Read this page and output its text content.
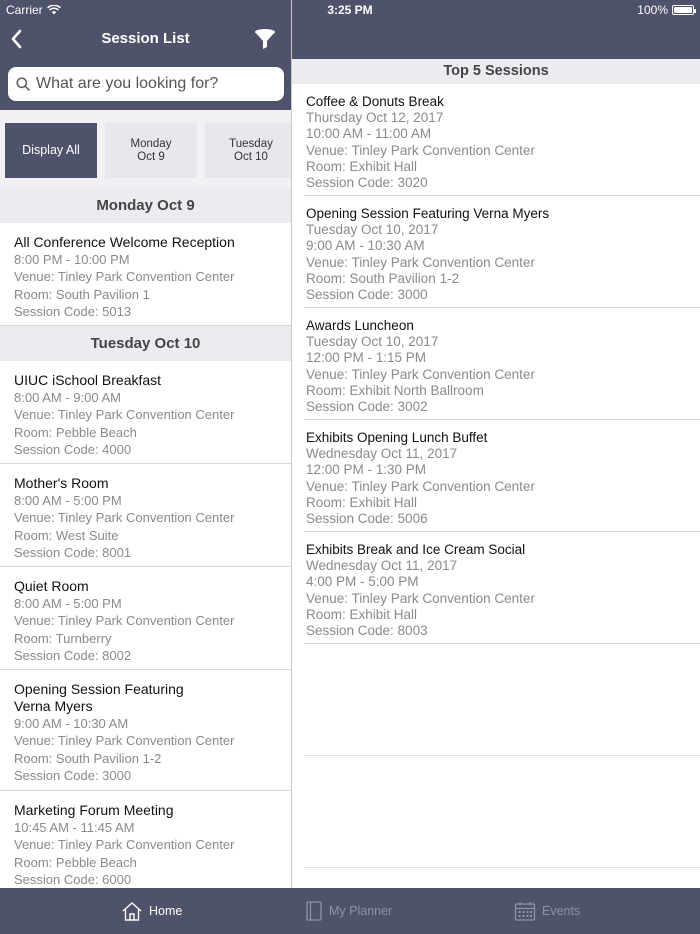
Carrier	3:25 PM	100%
Session List
What are you looking for?
Display All	Monday
Oct 9
Tuesday
Oct 10
Monday Oct 9
All Conference Welcome Reception
8:00 PM - 10:00 PM
Venue: Tinley Park Convention Center
Room: South Pavilion 1
Session Code: 5013
Tuesday Oct 10
UIUC iSchool Breakfast
8:00 AM - 9:00 AM
Venue: Tinley Park Convention Center
Room: Pebble Beach
Session Code: 4000
Mother's Room
8:00 AM - 5:00 PM
Venue: Tinley Park Convention Center
Room: West Suite
Session Code: 8001
Quiet Room
8:00 AM - 5:00 PM
Venue: Tinley Park Convention Center
Room: Turnberry
Session Code: 8002
Opening Session Featuring Verna Myers
9:00 AM - 10:30 AM
Venue: Tinley Park Convention Center
Room: South Pavilion 1-2
Session Code: 3000
Marketing Forum Meeting
10:45 AM - 11:45 AM
Venue: Tinley Park Convention Center
Room: Pebble Beach
Session Code: 6000
Top 5 Sessions
Coffee & Donuts Break
Thursday Oct 12, 2017
10:00 AM - 11:00 AM
Venue: Tinley Park Convention Center
Room: Exhibit Hall
Session Code: 3020
Opening Session Featuring Verna Myers
Tuesday Oct 10, 2017
9:00 AM - 10:30 AM
Venue: Tinley Park Convention Center
Room: South Pavilion 1-2
Session Code: 3000
Awards Luncheon
Tuesday Oct 10, 2017
12:00 PM - 1:15 PM
Venue: Tinley Park Convention Center
Room: Exhibit North Ballroom
Session Code: 3002
Exhibits Opening Lunch Buffet
Wednesday Oct 11, 2017
12:00 PM - 1:30 PM
Venue: Tinley Park Convention Center
Room: Exhibit Hall
Session Code: 5006
Exhibits Break and Ice Cream Social
Wednesday Oct 11, 2017
4:00 PM - 5:00 PM
Venue: Tinley Park Convention Center
Room: Exhibit Hall
Session Code: 8003
Home	My Planner	Events
